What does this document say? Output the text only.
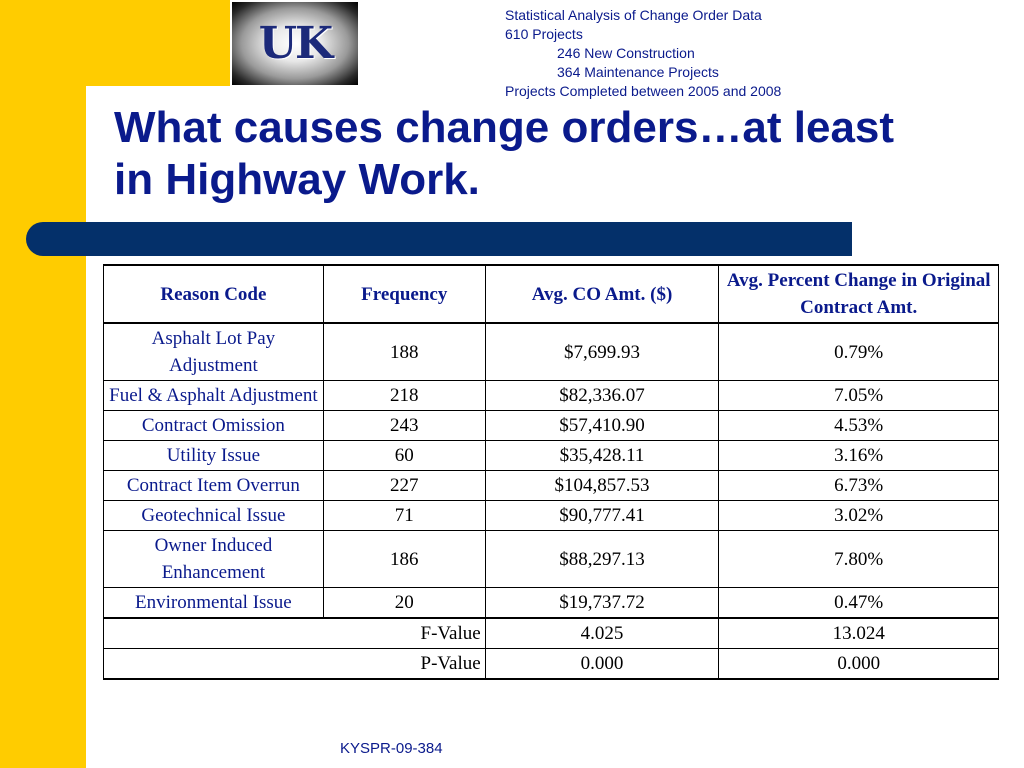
UK
Statistical Analysis of Change Order Data
610 Projects
246 New Construction
364 Maintenance Projects
Projects Completed between 2005 and 2008
What causes change orders…at least in Highway Work.
Reason Code	Frequency	Avg. CO Amt. ($)	Avg. Percent Change in Original Contract Amt.
Asphalt Lot Pay Adjustment	188	$7,699.93	0.79%
Fuel & Asphalt Adjustment	218	$82,336.07	7.05%
Contract Omission	243	$57,410.90	4.53%
Utility Issue	60	$35,428.11	3.16%
Contract Item Overrun	227	$104,857.53	6.73%
Geotechnical Issue	71	$90,777.41	3.02%
Owner Induced Enhancement	186	$88,297.13	7.80%
Environmental Issue	20	$19,737.72	0.47%
F-Value		4.025	13.024
P-Value		0.000	0.000
KYSPR-09-384
